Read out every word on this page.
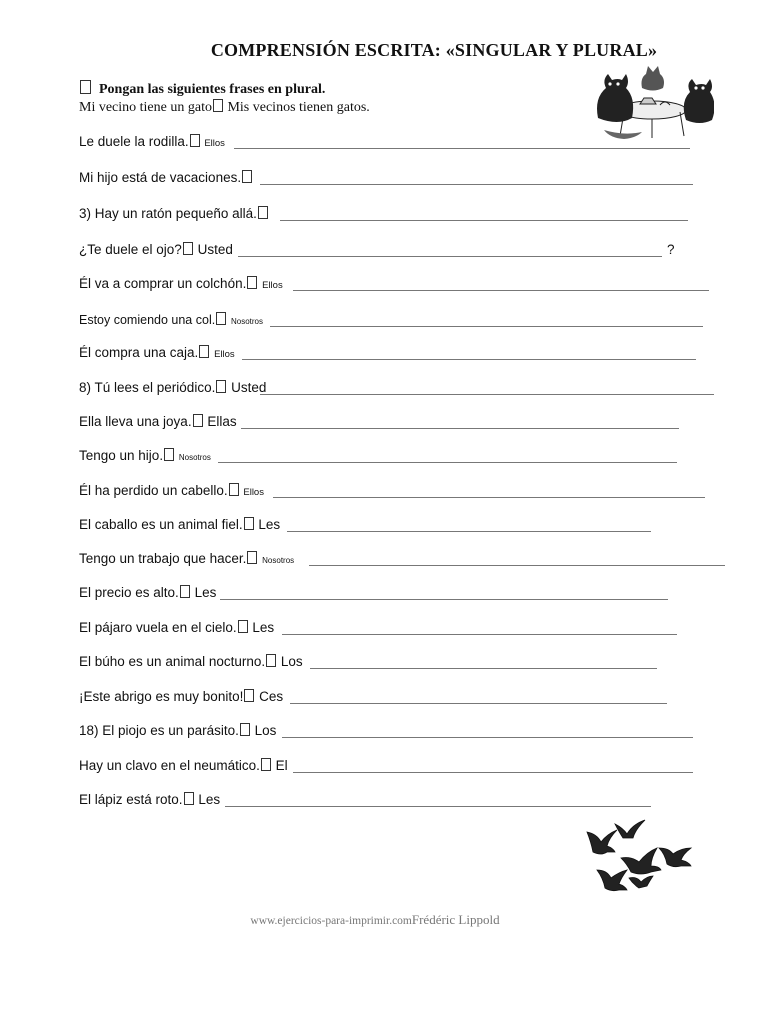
COMPRENSIÓN ESCRITA: «SINGULAR Y PLURAL»
Pongan las siguientes frases en plural.
Mi vecino tiene un gato Mis vecinos tienen gatos.
Le duele la rodilla. Ellos
Mi hijo está de vacaciones.
3) Hay un ratón pequeño allá.
¿Te duele el ojo? Usted	?
Él va a comprar un colchón. Ellos
Estoy comiendo una col. Nosotros
Él compra una caja. Ellos
8) Tú lees el periódico. Usted
Ella lleva una joya. Ellas
Tengo un hijo. Nosotros
Él ha perdido un cabello. Ellos
El caballo es un animal fiel. Les
Tengo un trabajo que hacer. Nosotros
El precio es alto. Les
El pájaro vuela en el cielo. Les
El búho es un animal nocturno. Los
¡Este abrigo es muy bonito! Ces
18) El piojo es un parásito. Los
Hay un clavo en el neumático. El
El lápiz está roto. Les
www.ejercicios-para-imprimir.comFrédéric Lippold
